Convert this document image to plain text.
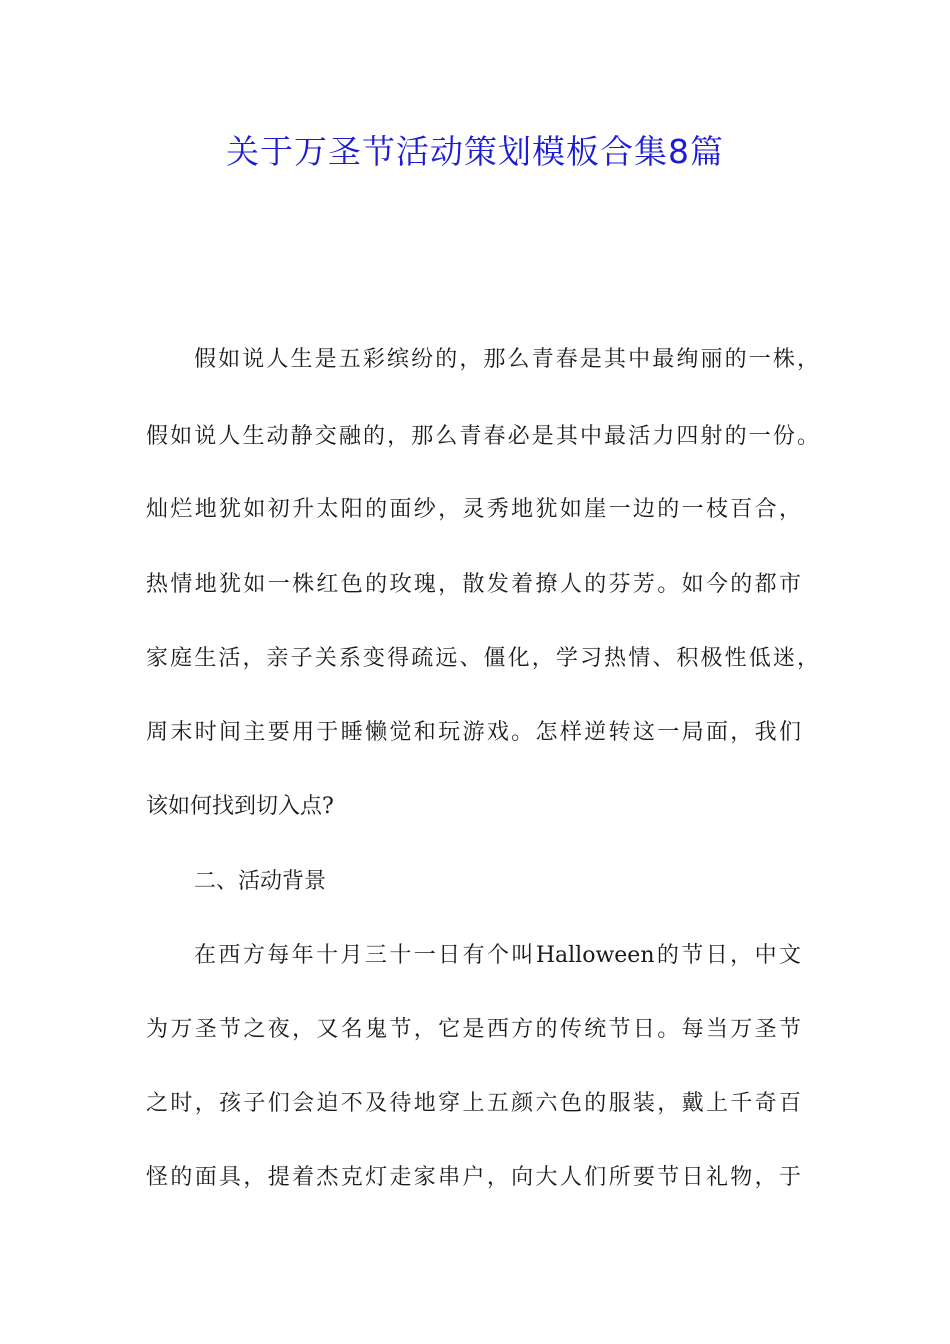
关于万圣节活动策划模板合集8篇
假如说人生是五彩缤纷的，那么青春是其中最绚丽的一株，
假如说人生动静交融的，那么青春必是其中最活力四射的一份。
灿烂地犹如初升太阳的面纱，灵秀地犹如崖一边的一枝百合，
热情地犹如一株红色的玫瑰，散发着撩人的芬芳。如今的都市
家庭生活，亲子关系变得疏远、僵化，学习热情、积极性低迷，
周末时间主要用于睡懒觉和玩游戏。怎样逆转这一局面，我们
该如何找到切入点?
二、活动背景
在西方每年十月三十一日有个叫Halloween的节日，中文
为万圣节之夜，又名鬼节，它是西方的传统节日。每当万圣节
之时，孩子们会迫不及待地穿上五颜六色的服装，戴上千奇百
怪的面具，提着杰克灯走家串户，向大人们所要节日礼物，于
